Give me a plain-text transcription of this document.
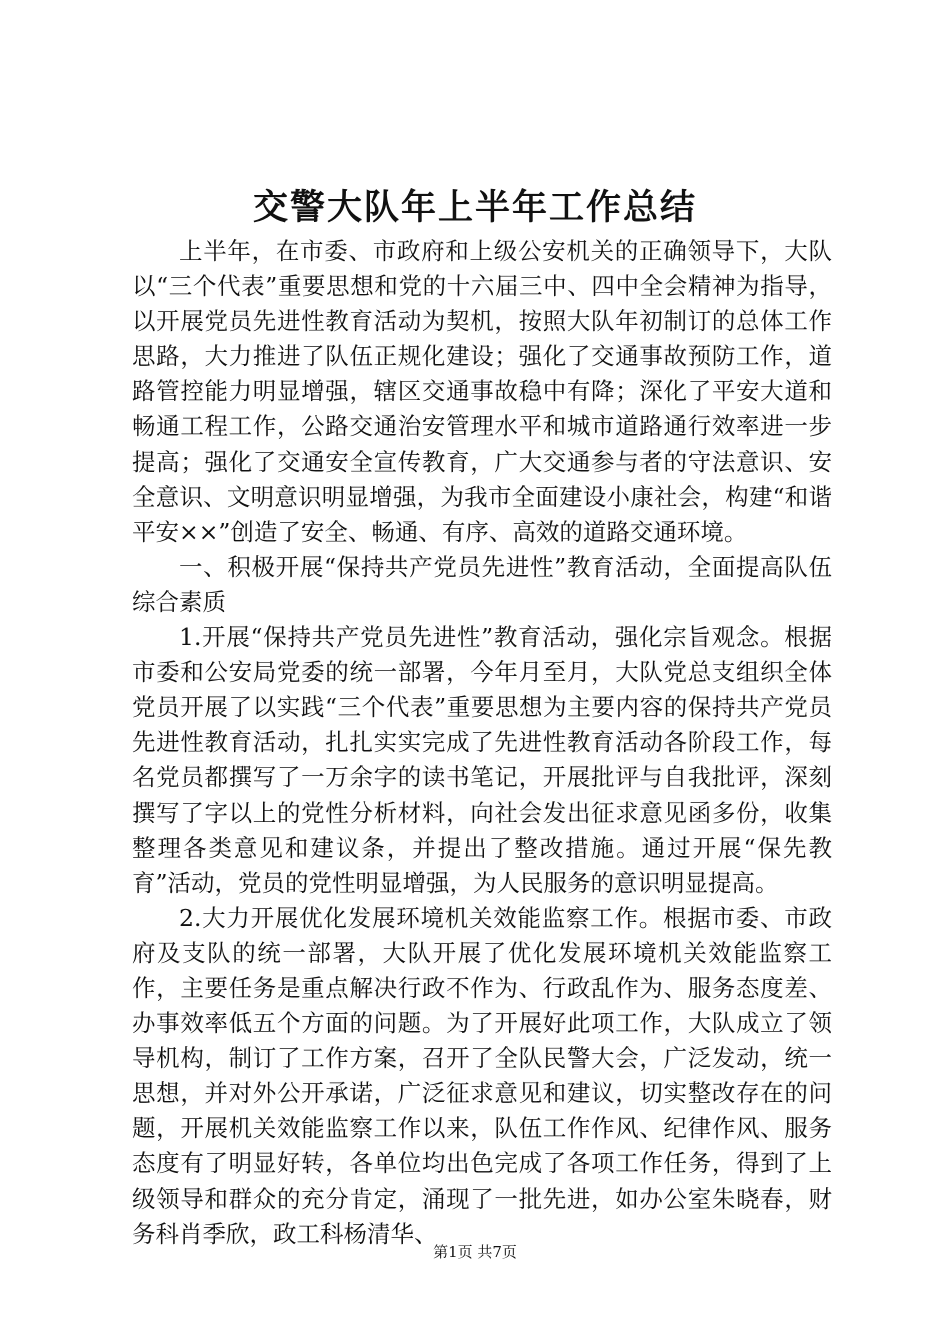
交警大队年上半年工作总结

上半年，在市委、市政府和上级公安机关的正确领导下，大队以“三个代表”重要思想和党的十六届三中、四中全会精神为指导，以开展党员先进性教育活动为契机，按照大队年初制订的总体工作思路，大力推进了队伍正规化建设；强化了交通事故预防工作，道路管控能力明显增强，辖区交通事故稳中有降；深化了平安大道和畅通工程工作，公路交通治安管理水平和城市道路通行效率进一步提高；强化了交通安全宣传教育，广大交通参与者的守法意识、安全意识、文明意识明显增强，为我市全面建设小康社会，构建“和谐平安××”创造了安全、畅通、有序、高效的道路交通环境。

一、积极开展“保持共产党员先进性”教育活动，全面提高队伍综合素质

1.开展“保持共产党员先进性”教育活动，强化宗旨观念。根据市委和公安局党委的统一部署，今年月至月，大队党总支组织全体党员开展了以实践“三个代表”重要思想为主要内容的保持共产党员先进性教育活动，扎扎实实完成了先进性教育活动各阶段工作，每名党员都撰写了一万余字的读书笔记，开展批评与自我批评，深刻撰写了字以上的党性分析材料，向社会发出征求意见函多份，收集整理各类意见和建议条，并提出了整改措施。通过开展“保先教育”活动，党员的党性明显增强，为人民服务的意识明显提高。

2.大力开展优化发展环境机关效能监察工作。根据市委、市政府及支队的统一部署，大队开展了优化发展环境机关效能监察工作，主要任务是重点解决行政不作为、行政乱作为、服务态度差、办事效率低五个方面的问题。为了开展好此项工作，大队成立了领导机构，制订了工作方案，召开了全队民警大会，广泛发动，统一思想，并对外公开承诺，广泛征求意见和建议，切实整改存在的问题，开展机关效能监察工作以来，队伍工作作风、纪律作风、服务态度有了明显好转，各单位均出色完成了各项工作任务，得到了上级领导和群众的充分肯定，涌现了一批先进，如办公室朱晓春，财务科肖季欣，政工科杨清华、

第1页 共7页
